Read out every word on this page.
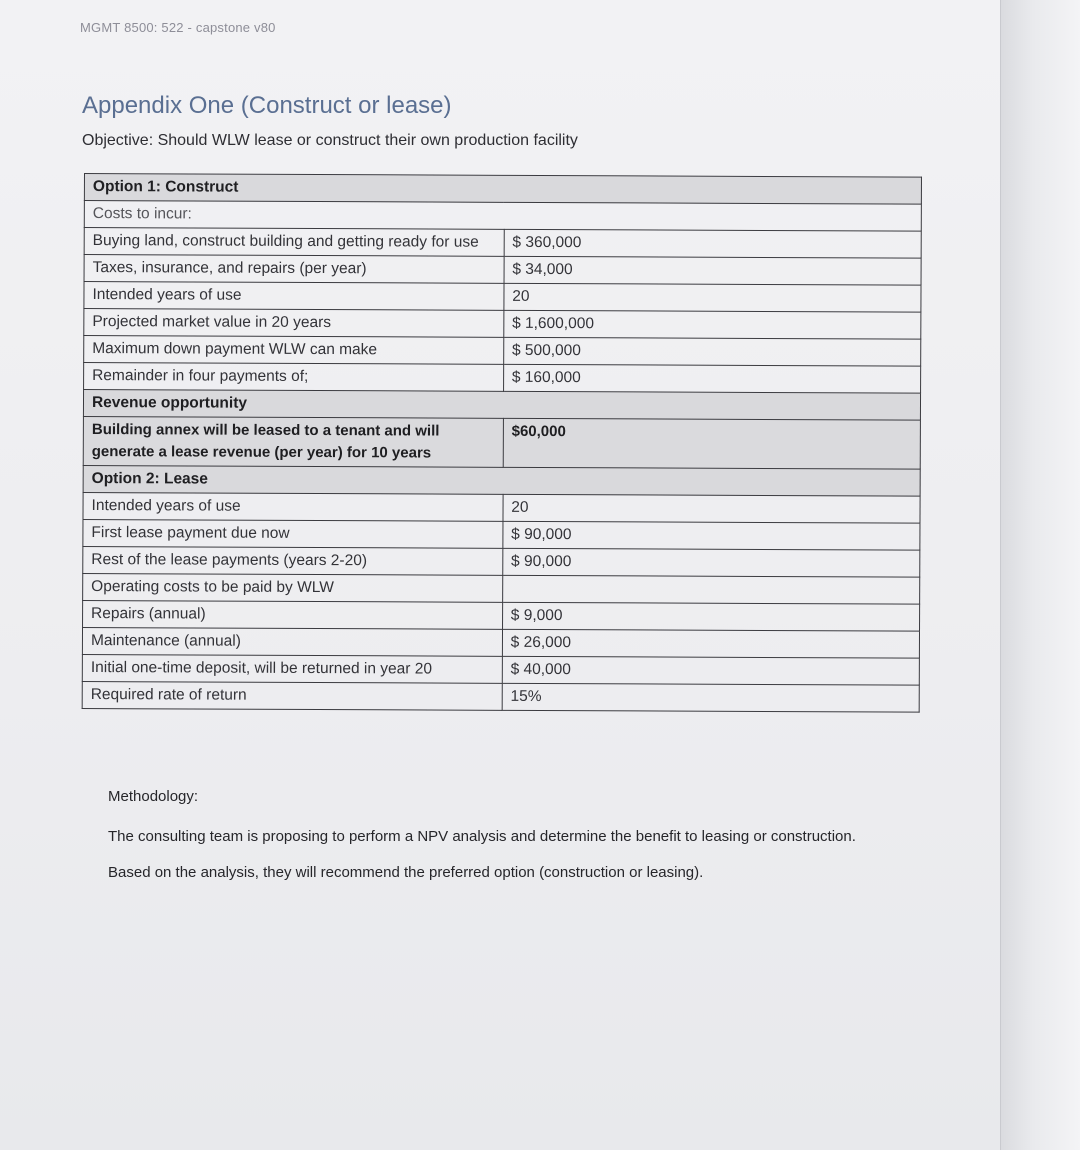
MGMT 8500: 522 - capstone v80
Appendix One (Construct or lease)
Objective: Should WLW lease or construct their own production facility
Option 1: Construct	
Costs to incur:	
Buying land, construct building and getting ready for use	$ 360,000
Taxes, insurance, and repairs (per year)	$ 34,000
Intended years of use	20
Projected market value in 20 years	$ 1,600,000
Maximum down payment WLW can make	$ 500,000
Remainder in four payments of;	$ 160,000
Revenue opportunity	
Building annex will be leased to a tenant and will generate a lease revenue (per year) for 10 years	$60,000
Option 2: Lease	
Intended years of use	20
First lease payment due now	$ 90,000
Rest of the lease payments (years 2-20)	$ 90,000
Operating costs to be paid by WLW	
Repairs (annual)	$ 9,000
Maintenance (annual)	$ 26,000
Initial one-time deposit, will be returned in year 20	$ 40,000
Required rate of return	15%

Methodology:

The consulting team is proposing to perform a NPV analysis and determine the benefit to leasing or construction.

Based on the analysis, they will recommend the preferred option (construction or leasing).
